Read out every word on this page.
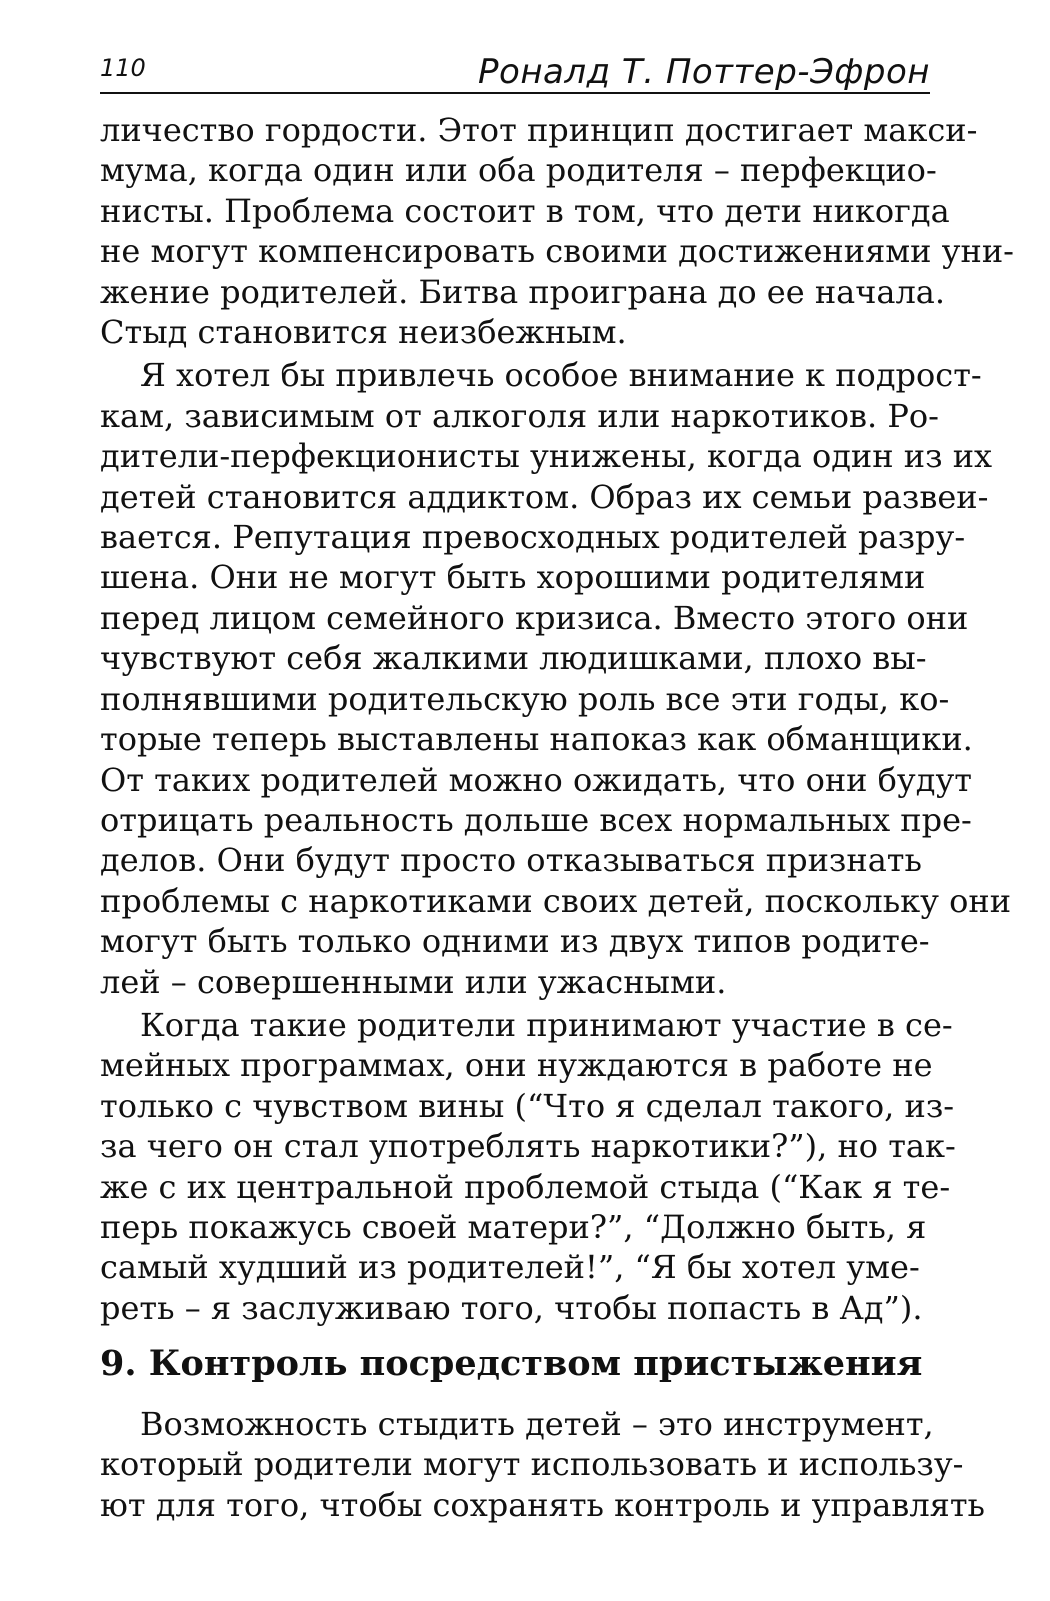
110	Роналд Т. Поттер-Эфрон

личество гордости. Этот принцип достигает макси-
мума, когда один или оба родителя – перфекцио-
нисты. Проблема состоит в том, что дети никогда
не могут компенсировать своими достижениями уни-
жение родителей. Битва проиграна до ее начала.
Стыд становится неизбежным.

Я хотел бы привлечь особое внимание к подрост-
кам, зависимым от алкоголя или наркотиков. Ро-
дители-перфекционисты унижены, когда один из их
детей становится аддиктом. Образ их семьи развеи-
вается. Репутация превосходных родителей разру-
шена. Они не могут быть хорошими родителями
перед лицом семейного кризиса. Вместо этого они
чувствуют себя жалкими людишками, плохо вы-
полнявшими родительскую роль все эти годы, ко-
торые теперь выставлены напоказ как обманщики.
От таких родителей можно ожидать, что они будут
отрицать реальность дольше всех нормальных пре-
делов. Они будут просто отказываться признать
проблемы с наркотиками своих детей, поскольку они
могут быть только одними из двух типов родите-
лей – совершенными или ужасными.

Когда такие родители принимают участие в се-
мейных программах, они нуждаются в работе не
только с чувством вины (“Что я сделал такого, из-
за чего он стал употреблять наркотики?”), но так-
же с их центральной проблемой стыда (“Как я те-
перь покажусь своей матери?”, “Должно быть, я
самый худший из родителей!”, “Я бы хотел уме-
реть – я заслуживаю того, чтобы попасть в Ад”).

9. Контроль посредством пристыжения

Возможность стыдить детей – это инструмент,
который родители могут использовать и использу-
ют для того, чтобы сохранять контроль и управлять
